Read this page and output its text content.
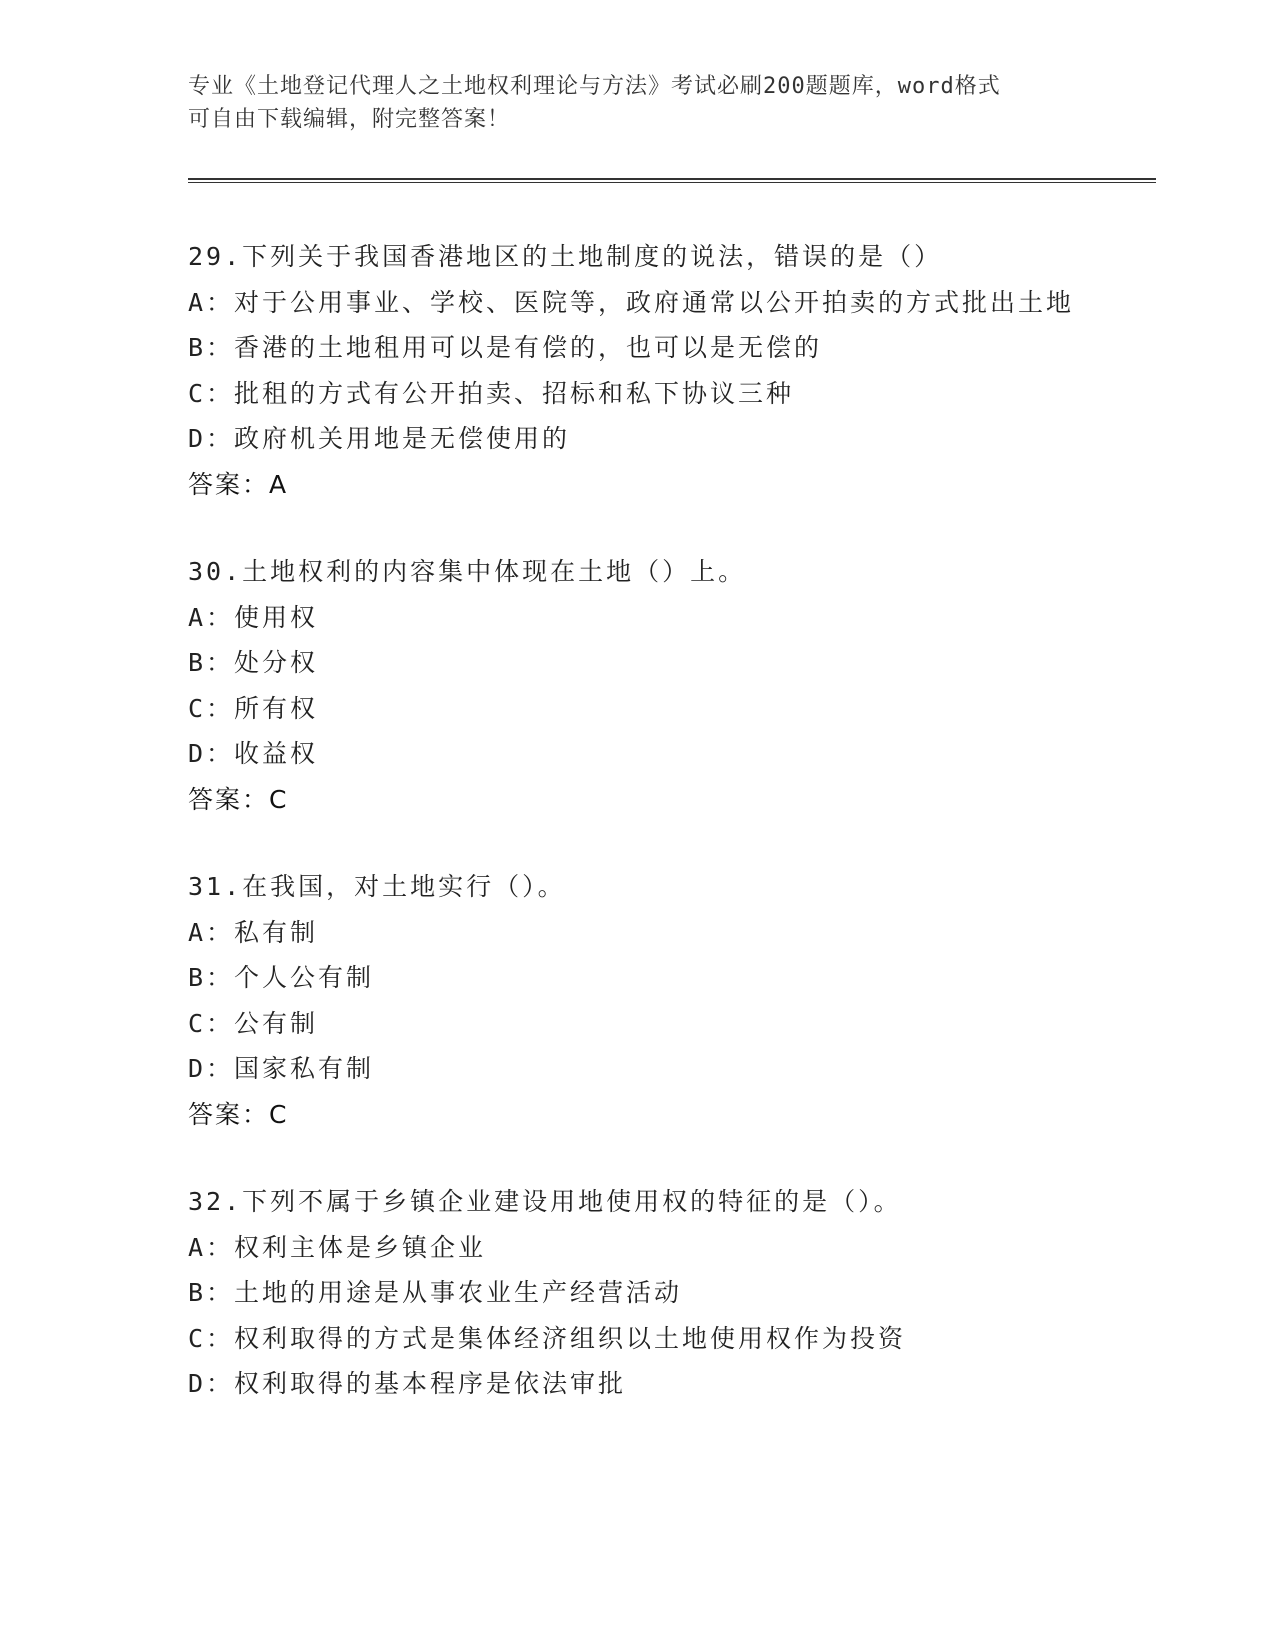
专业《土地登记代理人之土地权利理论与方法》考试必刷200题题库，word格式
可自由下载编辑，附完整答案！
29.下列关于我国香港地区的土地制度的说法，错误的是（）
A：对于公用事业、学校、医院等，政府通常以公开拍卖的方式批出土地
B：香港的土地租用可以是有偿的，也可以是无偿的
C：批租的方式有公开拍卖、招标和私下协议三种
D：政府机关用地是无偿使用的
答案：A
30.土地权利的内容集中体现在土地（）上。
A：使用权
B：处分权
C：所有权
D：收益权
答案：C
31.在我国，对土地实行（）。
A：私有制
B：个人公有制
C：公有制
D：国家私有制
答案：C
32.下列不属于乡镇企业建设用地使用权的特征的是（）。
A：权利主体是乡镇企业
B：土地的用途是从事农业生产经营活动
C：权利取得的方式是集体经济组织以土地使用权作为投资
D：权利取得的基本程序是依法审批
